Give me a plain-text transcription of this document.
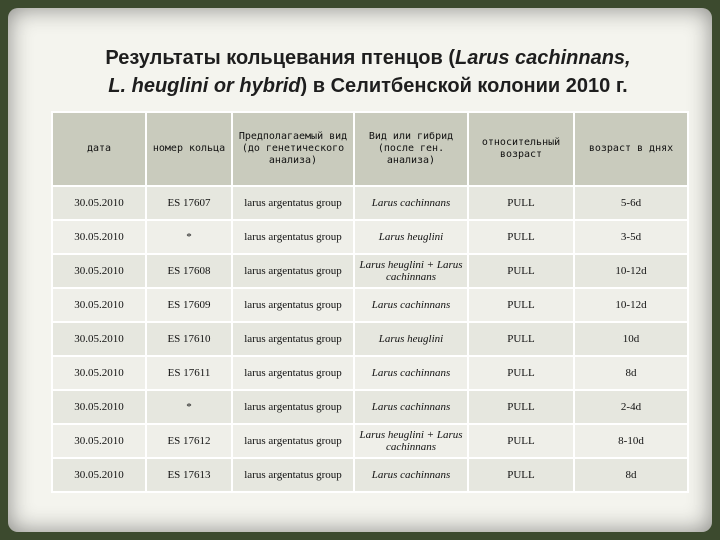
Результаты кольцевания птенцов (Larus cachinnans,
L. heuglini or hybrid) в Селитбенской колонии 2010 г.
дата	номер кольца	Предполагаемый вид (до генетического анализа)	Вид или гибрид (после ген. анализа)	относительный возраст	возраст в днях
30.05.2010	ES 17607	larus argentatus group	Larus cachinnans	PULL	5-6d
30.05.2010	*	larus argentatus group	Larus heuglini	PULL	3-5d
30.05.2010	ES 17608	larus argentatus group	Larus heuglini + Larus cachinnans	PULL	10-12d
30.05.2010	ES 17609	larus argentatus group	Larus cachinnans	PULL	10-12d
30.05.2010	ES 17610	larus argentatus group	Larus heuglini	PULL	10d
30.05.2010	ES 17611	larus argentatus group	Larus cachinnans	PULL	8d
30.05.2010	*	larus argentatus group	Larus cachinnans	PULL	2-4d
30.05.2010	ES 17612	larus argentatus group	Larus heuglini + Larus cachinnans	PULL	8-10d
30.05.2010	ES 17613	larus argentatus group	Larus cachinnans	PULL	8d
